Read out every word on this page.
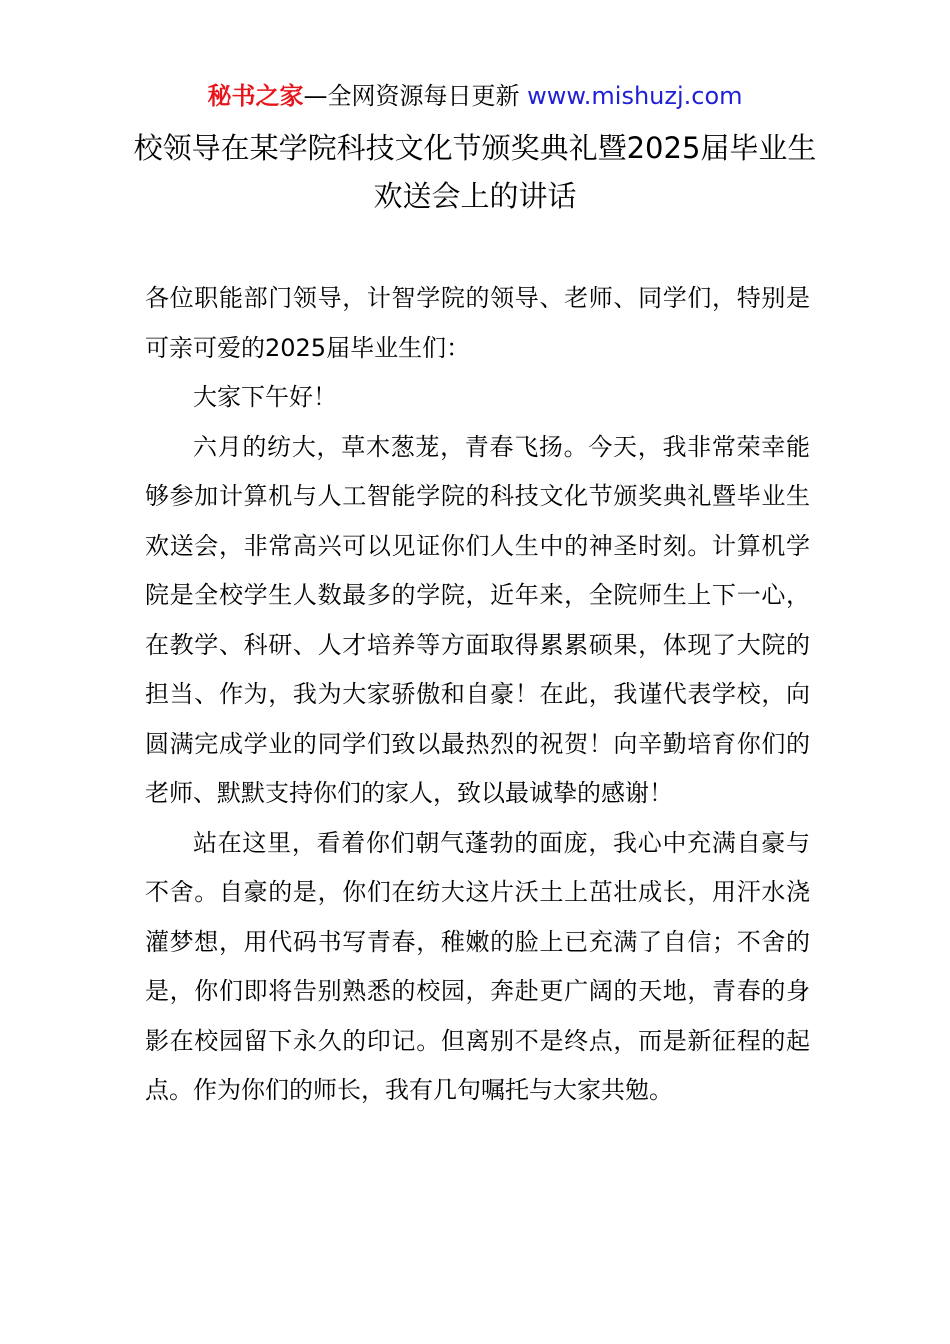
秘书之家—全网资源每日更新 www.mishuzj.com
校领导在某学院科技文化节颁奖典礼暨2025届毕业生欢送会上的讲话

各位职能部门领导，计智学院的领导、老师、同学们，特别是可亲可爱的2025届毕业生们：

大家下午好！

六月的纺大，草木葱茏，青春飞扬。今天，我非常荣幸能够参加计算机与人工智能学院的科技文化节颁奖典礼暨毕业生欢送会，非常高兴可以见证你们人生中的神圣时刻。计算机学院是全校学生人数最多的学院，近年来，全院师生上下一心，在教学、科研、人才培养等方面取得累累硕果，体现了大院的担当、作为，我为大家骄傲和自豪！在此，我谨代表学校，向圆满完成学业的同学们致以最热烈的祝贺！向辛勤培育你们的老师、默默支持你们的家人，致以最诚挚的感谢！

站在这里，看着你们朝气蓬勃的面庞，我心中充满自豪与不舍。自豪的是，你们在纺大这片沃土上茁壮成长，用汗水浇灌梦想，用代码书写青春，稚嫩的脸上已充满了自信；不舍的是，你们即将告别熟悉的校园，奔赴更广阔的天地，青春的身影在校园留下永久的印记。但离别不是终点，而是新征程的起点。作为你们的师长，我有几句嘱托与大家共勉。
